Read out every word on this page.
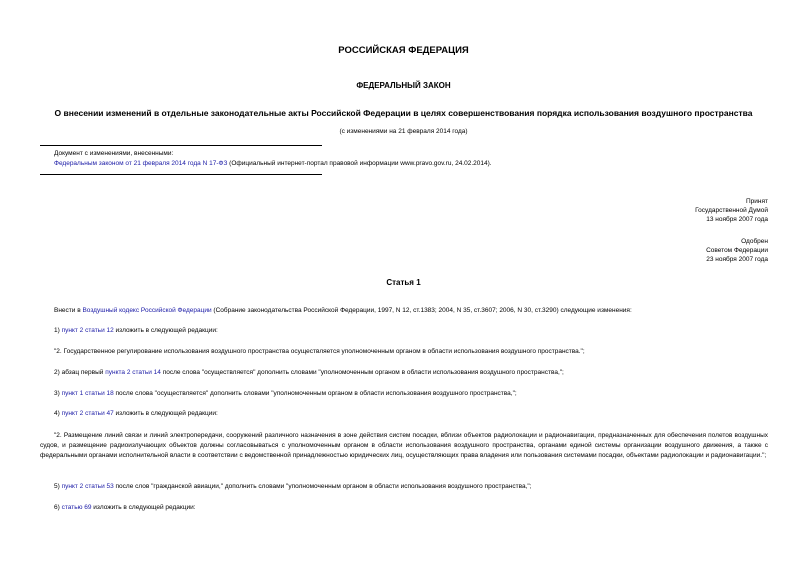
РОССИЙСКАЯ ФЕДЕРАЦИЯ
ФЕДЕРАЛЬНЫЙ ЗАКОН
О внесении изменений в отдельные законодательные акты Российской Федерации в целях совершенствования порядка использования воздушного пространства
(с изменениями на 21 февраля 2014 года)
Документ с изменениями, внесенными:
Федеральным законом от 21 февраля 2014 года N 17-ФЗ (Официальный интернет-портал правовой информации www.pravo.gov.ru, 24.02.2014).
Принят
Государственной Думой
13 ноября 2007 года
Одобрен
Советом Федерации
23 ноября 2007 года
Статья 1
Внести в Воздушный кодекс Российской Федерации (Собрание законодательства Российской Федерации, 1997, N 12, ст.1383; 2004, N 35, ст.3607; 2006, N 30, ст.3290) следующие изменения:
1) пункт 2 статьи 12 изложить в следующей редакции:
"2. Государственное регулирование использования воздушного пространства осуществляется уполномоченным органом в области использования воздушного пространства.";
2) абзац первый пункта 2 статьи 14 после слова "осуществляется" дополнить словами "уполномоченным органом в области использования воздушного пространства,";
3) пункт 1 статьи 18 после слова "осуществляется" дополнить словами "уполномоченным органом в области использования воздушного пространства,";
4) пункт 2 статьи 47 изложить в следующей редакции:
"2. Размещение линий связи и линий электропередачи, сооружений различного назначения в зоне действия систем посадки, вблизи объектов радиолокации и радионавигации, предназначенных для обеспечения полетов воздушных судов, и размещение радиоизлучающих объектов должны согласовываться с уполномоченным органом в области использования воздушного пространства, органами единой системы организации воздушного движения, а также с федеральными органами исполнительной власти в соответствии с ведомственной принадлежностью юридических лиц, осуществляющих права владения или пользования системами посадки, объектами радиолокации и радионавигации.";
5) пункт 2 статьи 53 после слов "гражданской авиации," дополнить словами "уполномоченным органом в области использования воздушного пространства,";
6) статью 69 изложить в следующей редакции:
